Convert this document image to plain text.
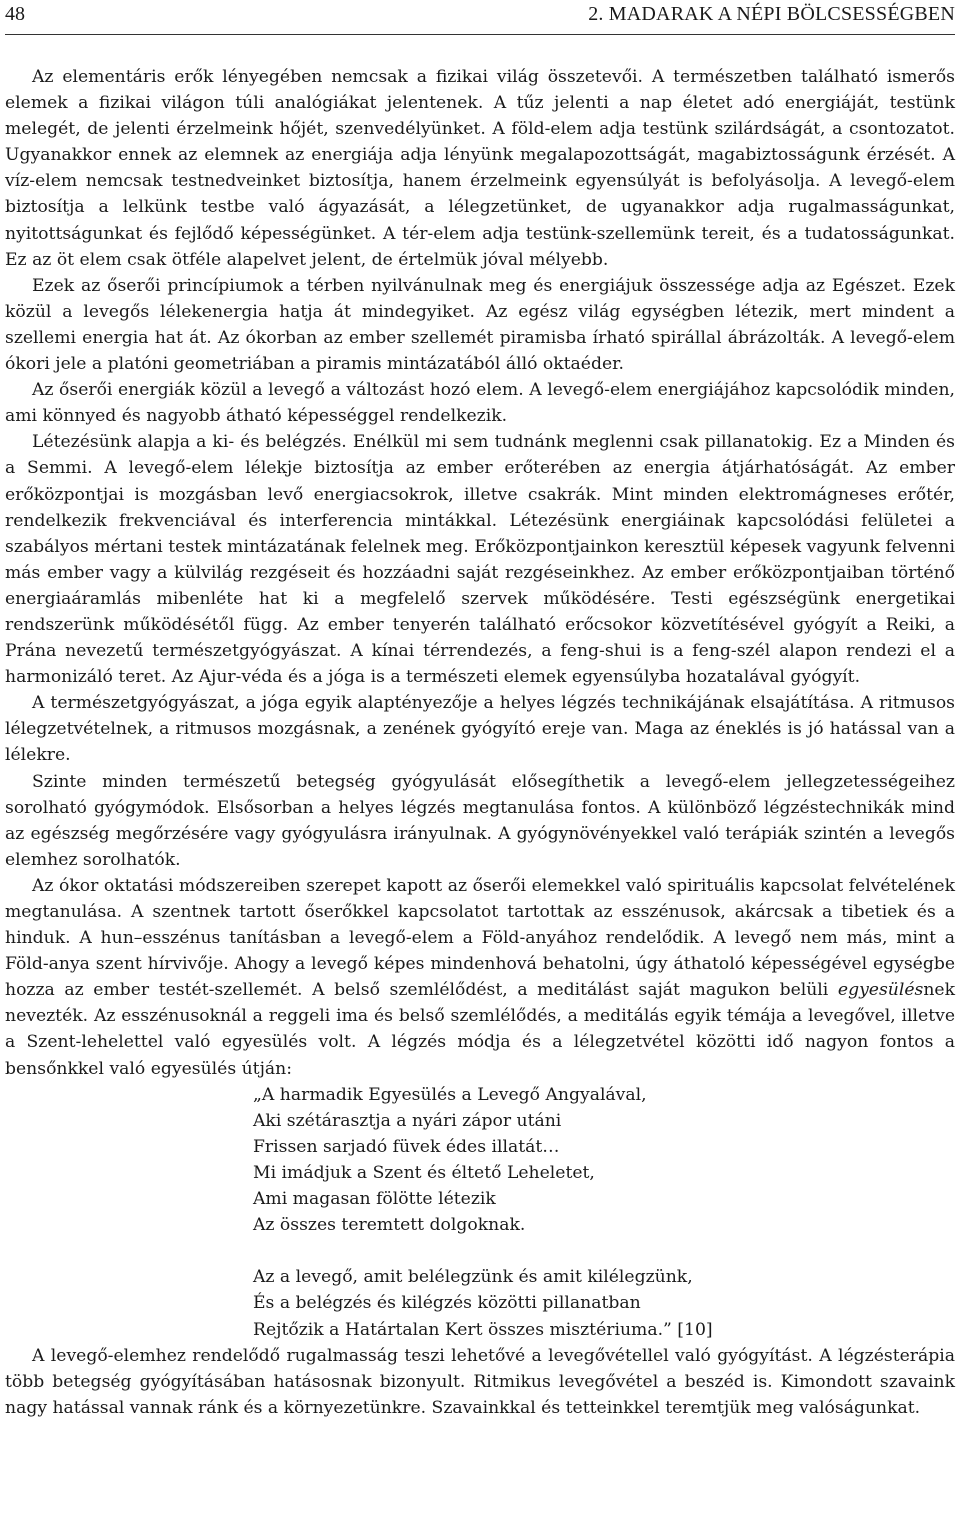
48	2. MADARAK A NÉPI BÖLCSESSÉGBEN

Az elementáris erők lényegében nemcsak a fizikai világ összetevői. A természetben található ismerős elemek a fizikai világon túli analógiákat jelentenek. A tűz jelenti a nap életet adó energiáját, testünk melegét, de jelenti érzelmeink hőjét, szenvedélyünket. A föld-elem adja testünk szilárdságát, a csontozatot. Ugyanakkor ennek az elemnek az energiája adja lényünk megalapozottságát, magabiztosságunk érzését. A víz-elem nemcsak testnedveinket biztosítja, hanem érzelmeink egyensúlyát is befolyásolja. A levegő-elem biztosítja a lelkünk testbe való ágyazását, a lélegzetünket, de ugyanakkor adja rugalmasságunkat, nyitottságunkat és fejlődő képességünket. A tér-elem adja testünk-szellemünk tereit, és a tudatosságunkat. Ez az öt elem csak ötféle alapelvet jelent, de értelmük jóval mélyebb.

Ezek az őserői princípiumok a térben nyilvánulnak meg és energiájuk összessége adja az Egészet. Ezek közül a levegős lélekenergia hatja át mindegyiket. Az egész világ egységben létezik, mert mindent a szellemi energia hat át. Az ókorban az ember szellemét piramisba írható spirállal ábrázolták. A levegő-elem ókori jele a platóni geometriában a piramis mintázatából álló oktaéder.

Az őserői energiák közül a levegő a változást hozó elem. A levegő-elem energiájához kapcsolódik minden, ami könnyed és nagyobb átható képességgel rendelkezik.

Létezésünk alapja a ki- és belégzés. Enélkül mi sem tudnánk meglenni csak pillanatokig. Ez a Minden és a Semmi. A levegő-elem lélekje biztosítja az ember erőterében az energia átjárhatóságát. Az ember erőközpontjai is mozgásban levő energiacsokrok, illetve csakrák. Mint minden elektromágneses erőtér, rendelkezik frekvenciával és interferencia mintákkal. Létezésünk energiáinak kapcsolódási felületei a szabályos mértani testek mintázatának felelnek meg. Erőközpontjainkon keresztül képesek vagyunk felvenni más ember vagy a külvilág rezgéseit és hozzáadni saját rezgéseinkhez. Az ember erőközpontjaiban történő energiaáramlás mibenléte hat ki a megfelelő szervek működésére. Testi egészségünk energetikai rendszerünk működésétől függ. Az ember tenyerén található erőcsokor közvetítésével gyógyít a Reiki, a Prána nevezetű természetgyógyászat. A kínai térrendezés, a feng-shui is a feng-szél alapon rendezi el a harmonizáló teret. Az Ajur-véda és a jóga is a természeti elemek egyensúlyba hozatalával gyógyít.

A természetgyógyászat, a jóga egyik alaptényezője a helyes légzés technikájának elsajátítása. A ritmusos lélegzetvételnek, a ritmusos mozgásnak, a zenének gyógyító ereje van. Maga az éneklés is jó hatással van a lélekre.

Szinte minden természetű betegség gyógyulását elősegíthetik a levegő-elem jellegzetességeihez sorolható gyógymódok. Elsősorban a helyes légzés megtanulása fontos. A különböző légzéstechnikák mind az egészség megőrzésére vagy gyógyulásra irányulnak. A gyógynövényekkel való terápiák szintén a levegős elemhez sorolhatók.

Az ókor oktatási módszereiben szerepet kapott az őserői elemekkel való spirituális kapcsolat felvételének megtanulása. A szentnek tartott őserőkkel kapcsolatot tartottak az esszénusok, akárcsak a tibetiek és a hinduk. A hun–esszénus tanításban a levegő-elem a Föld-anyához rendelődik. A levegő nem más, mint a Föld-anya szent hírvivője. Ahogy a levegő képes mindenhová behatolni, úgy áthatoló képességével egységbe hozza az ember testét-szellemét. A belső szemlélődést, a meditálást saját magukon belüli egyesülésnek nevezték. Az esszénusoknál a reggeli ima és belső szemlélődés, a meditálás egyik témája a levegővel, illetve a Szent-lehelettel való egyesülés volt. A légzés módja és a lélegzetvétel közötti idő nagyon fontos a bensőnkkel való egyesülés útján:

„A harmadik Egyesülés a Levegő Angyalával,
Aki szétárasztja a nyári zápor utáni
Frissen sarjadó füvek édes illatát…
Mi imádjuk a Szent és éltető Leheletet,
Ami magasan fölötte létezik
Az összes teremtett dolgoknak.
Az a levegő, amit belélegzünk és amit kilélegzünk,
És a belégzés és kilégzés közötti pillanatban
Rejtőzik a Határtalan Kert összes misztériuma.” [10]

A levegő-elemhez rendelődő rugalmasság teszi lehetővé a levegővétellel való gyógyítást. A légzésterápia több betegség gyógyításában hatásosnak bizonyult. Ritmikus levegővétel a beszéd is. Kimondott szavaink nagy hatással vannak ránk és a környezetünkre. Szavainkkal és tetteinkkel teremtjük meg valóságunkat.
